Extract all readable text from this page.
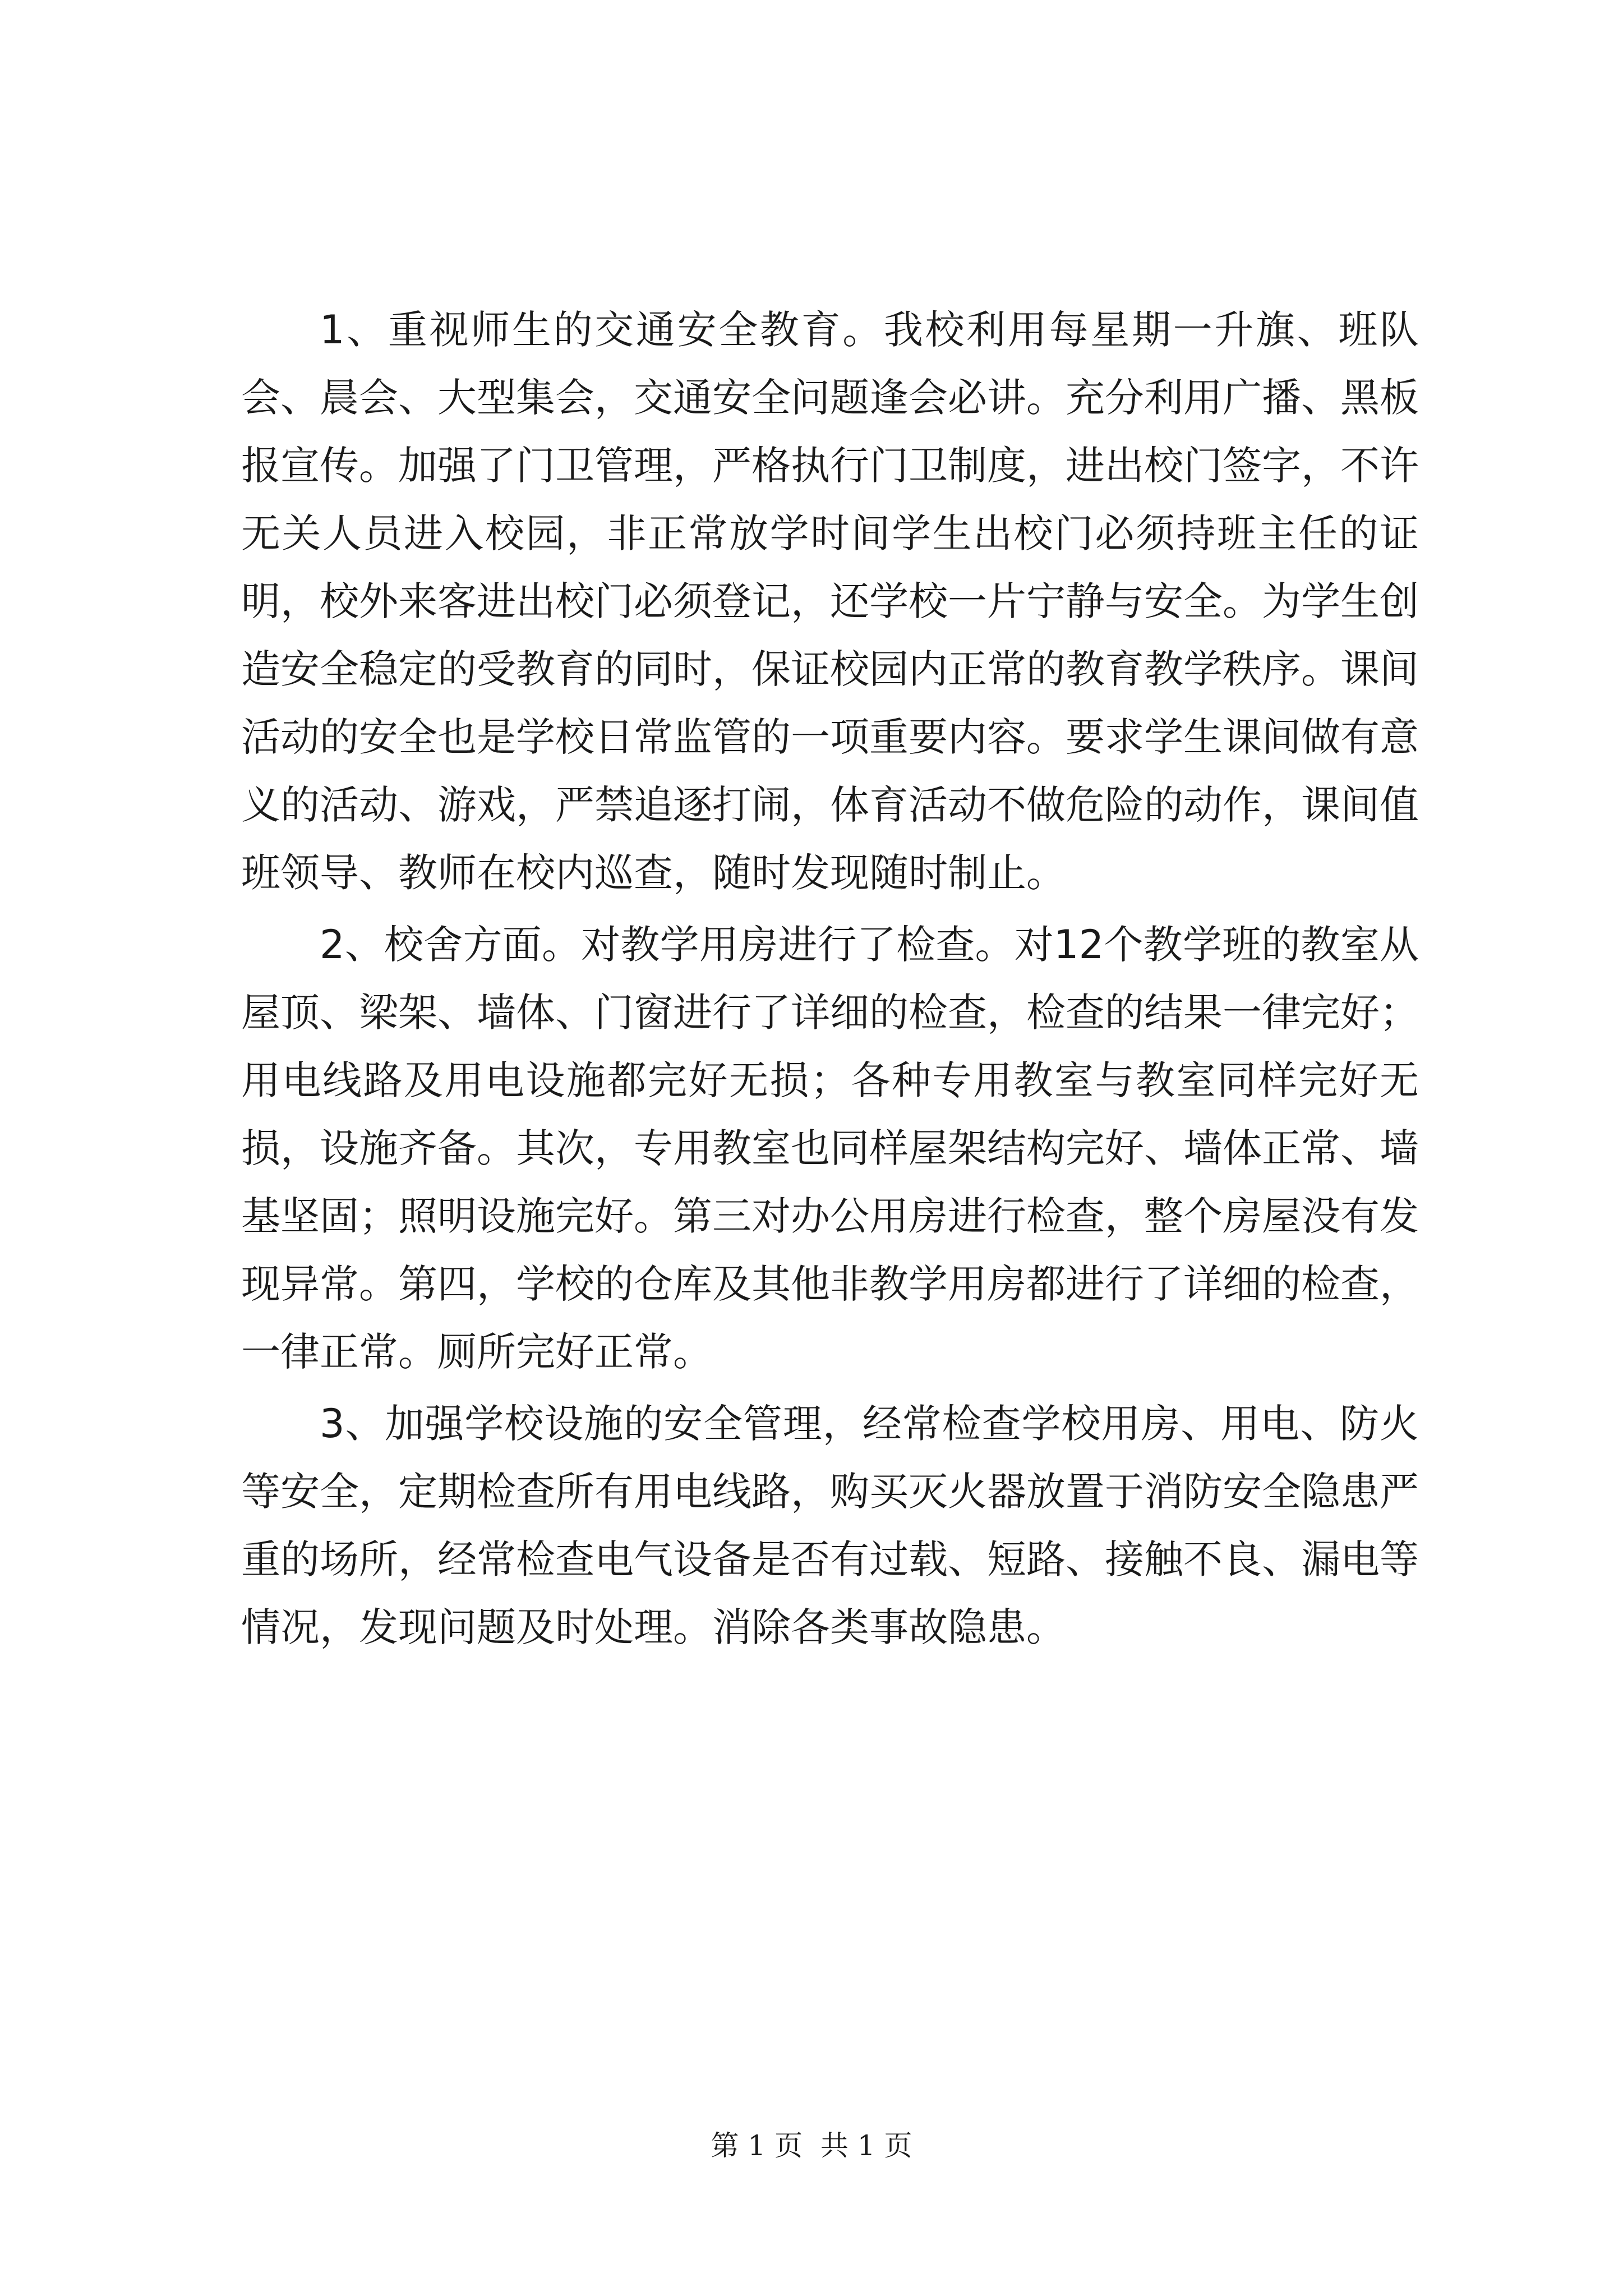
1、重视师生的交通安全教育。我校利用每星期一升旗、班队会、晨会、大型集会，交通安全问题逢会必讲。充分利用广播、黑板报宣传。加强了门卫管理，严格执行门卫制度，进出校门签字，不许无关人员进入校园，非正常放学时间学生出校门必须持班主任的证明，校外来客进出校门必须登记，还学校一片宁静与安全。为学生创造安全稳定的受教育的同时，保证校园内正常的教育教学秩序。课间活动的安全也是学校日常监管的一项重要内容。要求学生课间做有意义的活动、游戏，严禁追逐打闹，体育活动不做危险的动作，课间值班领导、教师在校内巡查，随时发现随时制止。

2、校舍方面。对教学用房进行了检查。对12个教学班的教室从屋顶、梁架、墙体、门窗进行了详细的检查，检查的结果一律完好；用电线路及用电设施都完好无损；各种专用教室与教室同样完好无损，设施齐备。其次，专用教室也同样屋架结构完好、墙体正常、墙基坚固；照明设施完好。第三对办公用房进行检查，整个房屋没有发现异常。第四，学校的仓库及其他非教学用房都进行了详细的检查，一律正常。厕所完好正常。

3、加强学校设施的安全管理，经常检查学校用房、用电、防火等安全，定期检查所有用电线路，购买灭火器放置于消防安全隐患严重的场所，经常检查电气设备是否有过载、短路、接触不良、漏电等情况，发现问题及时处理。消除各类事故隐患。

第 1 页  共 1 页
